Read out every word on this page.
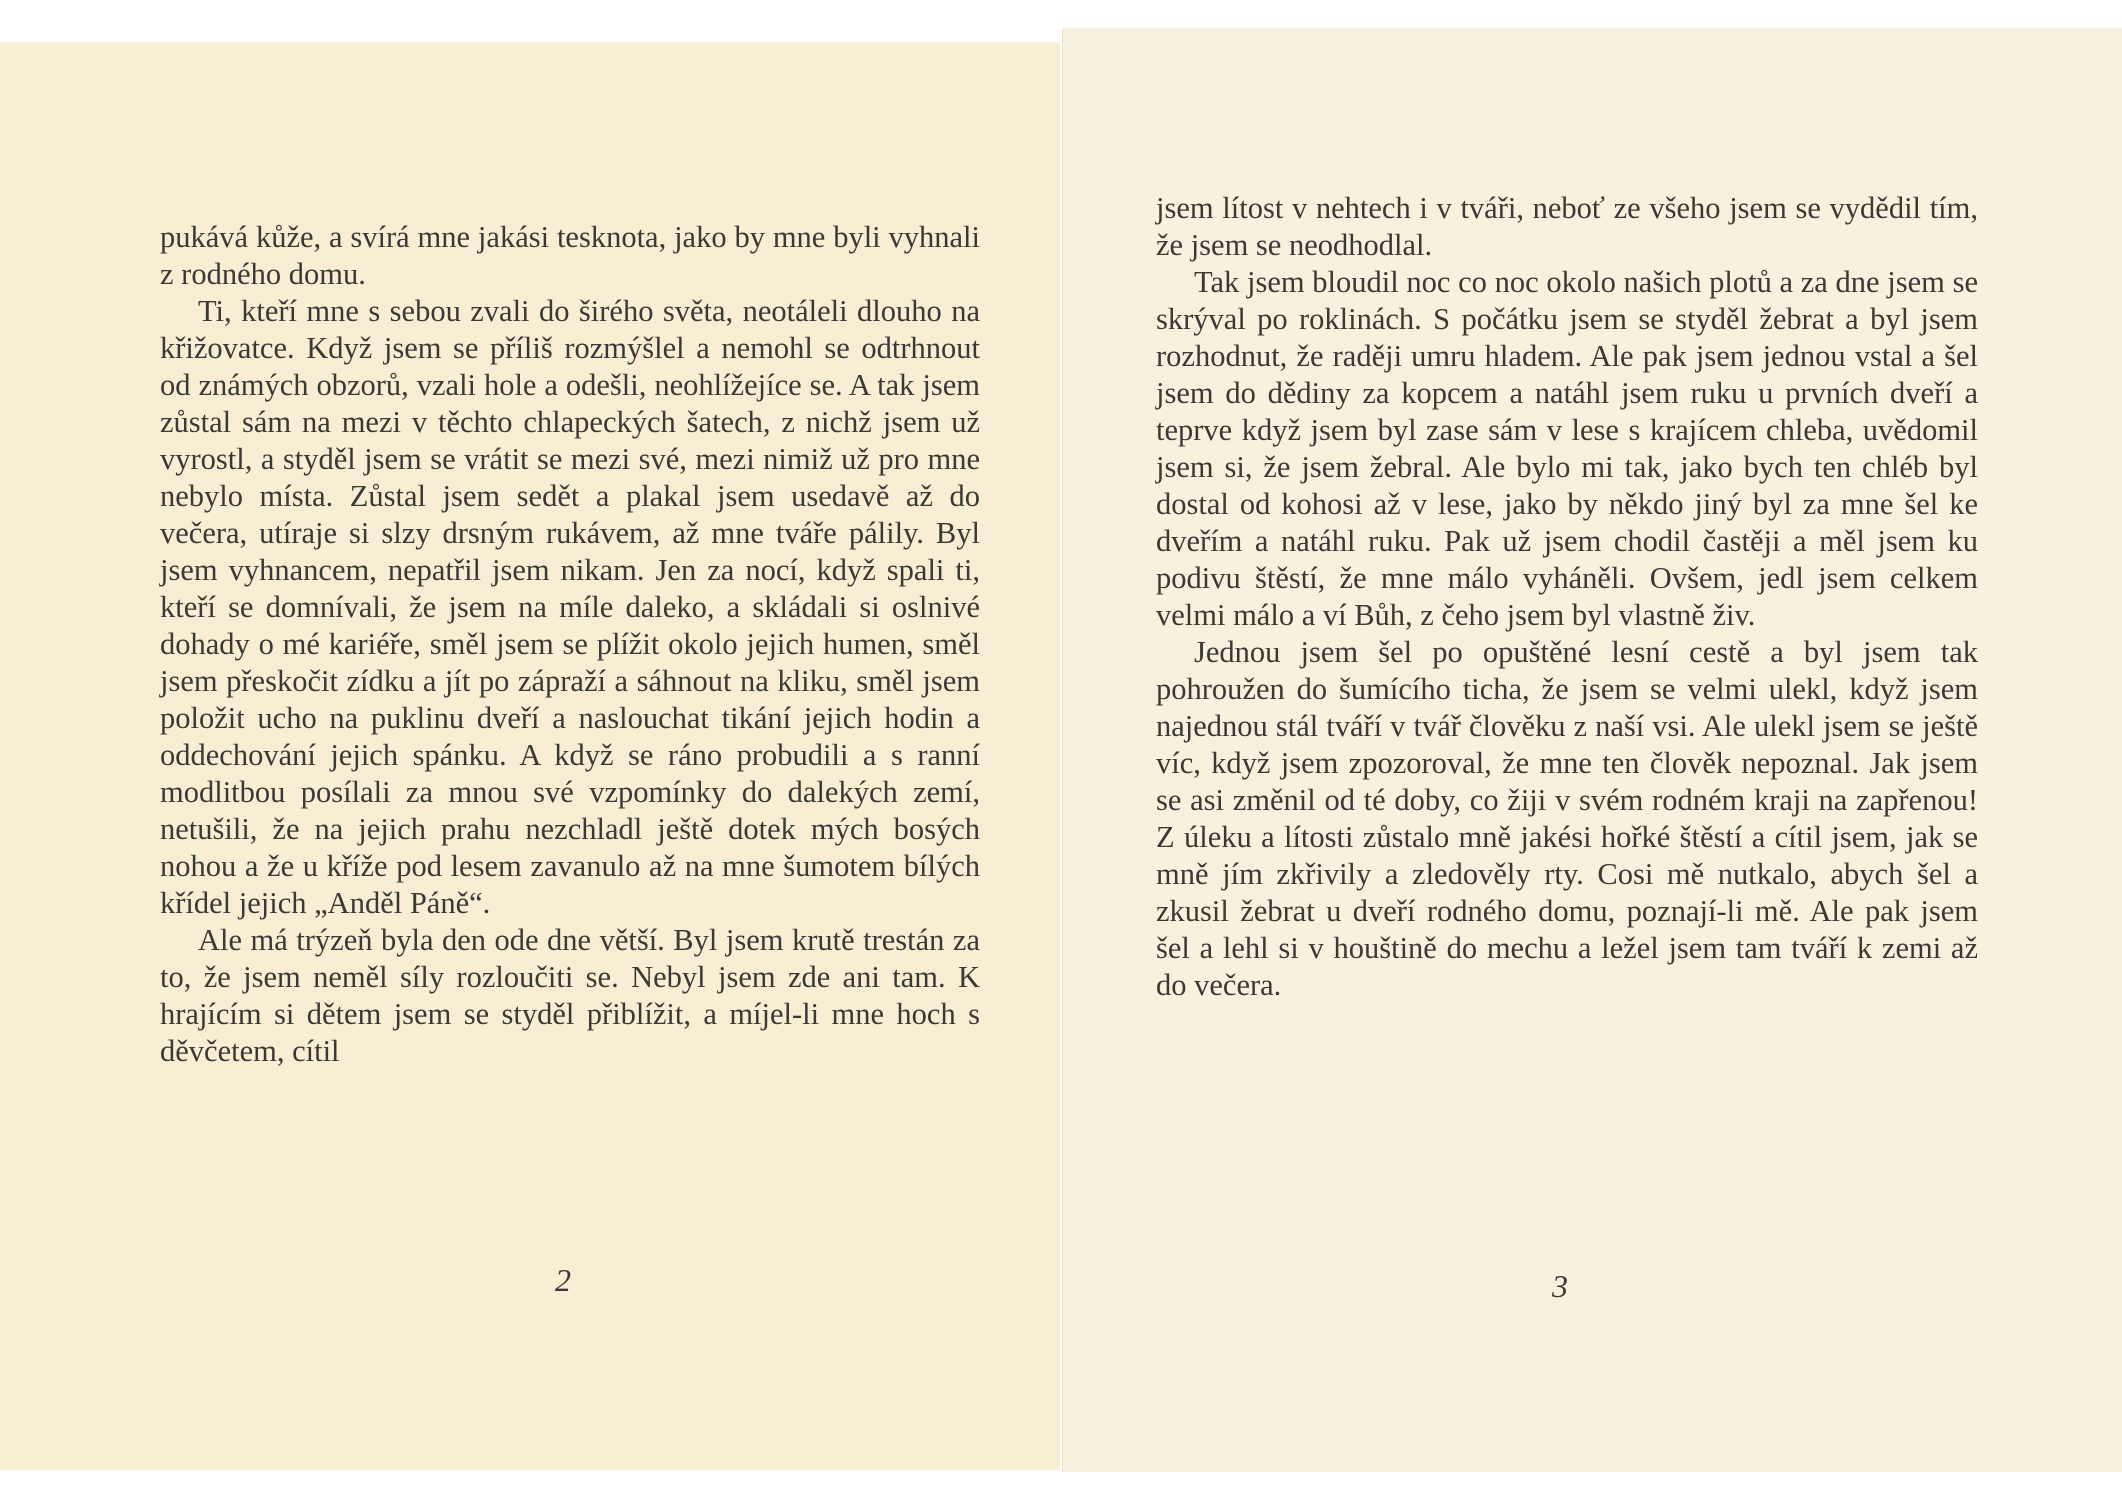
pukává kůže, a svírá mne jakási tesknota, jako by mne byli vyhnali z rodného domu.

Ti, kteří mne s sebou zvali do širého světa, neotáleli dlouho na křižovatce. Když jsem se příliš rozmýšlel a nemohl se odtrhnout od známých obzorů, vzali hole a odešli, neohlížejíce se. A tak jsem zůstal sám na mezi v těchto chlapeckých šatech, z nichž jsem už vyrostl, a styděl jsem se vrátit se mezi své, mezi nimiž už pro mne nebylo místa. Zůstal jsem sedět a plakal jsem usedavě až do večera, utíraje si slzy drsným rukávem, až mne tváře pálily. Byl jsem vyhnancem, nepatřil jsem nikam. Jen za nocí, když spali ti, kteří se domnívali, že jsem na míle daleko, a skládali si oslnivé dohady o mé kariéře, směl jsem se plížit okolo jejich humen, směl jsem přeskočit zídku a jít po zápraží a sáhnout na kliku, směl jsem položit ucho na puklinu dveří a naslouchat tikání jejich hodin a oddechování jejich spánku. A když se ráno probudili a s ranní modlitbou posílali za mnou své vzpomínky do dalekých zemí, netušili, že na jejich prahu nezchladl ještě dotek mých bosých nohou a že u kříže pod lesem zavanulo až na mne šumotem bílých křídel jejich „Anděl Páně“.

Ale má trýzeň byla den ode dne větší. Byl jsem krutě trestán za to, že jsem neměl síly rozloučiti se. Nebyl jsem zde ani tam. K hrajícím si dětem jsem se styděl přiblížit, a míjel-li mne hoch s děvčetem, cítil

2

jsem lítost v nehtech i v tváři, neboť ze všeho jsem se vydědil tím, že jsem se neodhodlal.

Tak jsem bloudil noc co noc okolo našich plotů a za dne jsem se skrýval po roklinách. S počátku jsem se styděl žebrat a byl jsem rozhodnut, že raději umru hladem. Ale pak jsem jednou vstal a šel jsem do dědiny za kopcem a natáhl jsem ruku u prvních dveří a teprve když jsem byl zase sám v lese s krajícem chleba, uvědomil jsem si, že jsem žebral. Ale bylo mi tak, jako bych ten chléb byl dostal od kohosi až v lese, jako by někdo jiný byl za mne šel ke dveřím a natáhl ruku. Pak už jsem chodil častěji a měl jsem ku podivu štěstí, že mne málo vyháněli. Ovšem, jedl jsem celkem velmi málo a ví Bůh, z čeho jsem byl vlastně živ.

Jednou jsem šel po opuštěné lesní cestě a byl jsem tak pohroužen do šumícího ticha, že jsem se velmi ulekl, když jsem najednou stál tváří v tvář člověku z naší vsi. Ale ulekl jsem se ještě víc, když jsem zpozoroval, že mne ten člověk nepoznal. Jak jsem se asi změnil od té doby, co žiji v svém rodném kraji na zapřenou! Z úleku a lítosti zůstalo mně jakési hořké štěstí a cítil jsem, jak se mně jím zkřivily a zledověly rty. Cosi mě nutkalo, abych šel a zkusil žebrat u dveří rodného domu, poznají-li mě. Ale pak jsem šel a lehl si v houštině do mechu a ležel jsem tam tváří k zemi až do večera.

3
